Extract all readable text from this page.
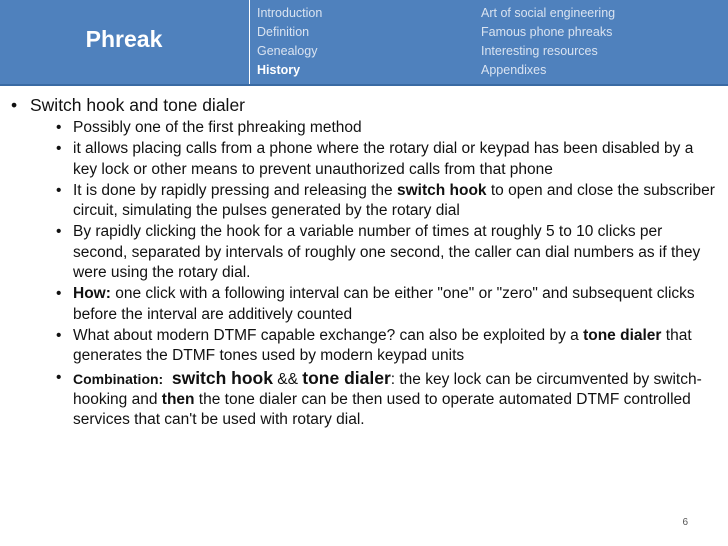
Phreak
Introduction
Definition
Genealogy
History
Art of social engineering
Famous phone phreaks
Interesting resources
Appendixes
• Switch hook and tone dialer
• Possibly one of the first phreaking method
• it allows placing calls from a phone where the rotary dial or keypad has been disabled by a key lock or other means to prevent unauthorized calls from that phone
• It is done by rapidly pressing and releasing the switch hook to open and close the subscriber circuit, simulating the pulses generated by the rotary dial
• By rapidly clicking the hook for a variable number of times at roughly 5 to 10 clicks per second, separated by intervals of roughly one second, the caller can dial numbers as if they were using the rotary dial.
• How: one click with a following interval can be either "one" or "zero" and subsequent clicks before the interval are additively counted
• What about modern DTMF capable exchange? can also be exploited by a tone dialer that generates the DTMF tones used by modern keypad units
• Combination: switch hook && tone dialer: the key lock can be circumvented by switch-hooking and then the tone dialer can be then used to operate automated DTMF controlled services that can't be used with rotary dial.
6
